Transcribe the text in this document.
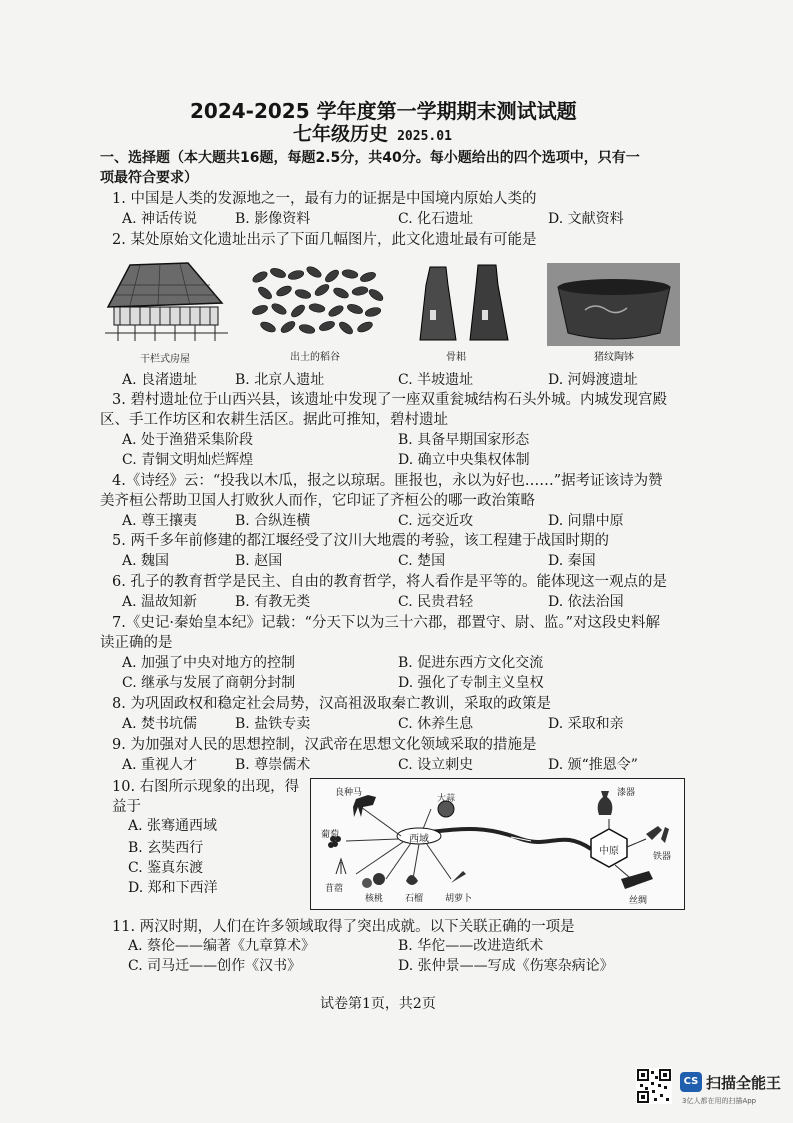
2024-2025 学年度第一学期期末测试试题
七年级历史 2025.01
一、选择题（本大题共16题，每题2.5分，共40分。每小题给出的四个选项中，只有一
项最符合要求）
1. 中国是人类的发源地之一，最有力的证据是中国境内原始人类的
A. 神话传说	B. 影像资料	C. 化石遗址	D. 文献资料
2. 某处原始文化遗址出示了下面几幅图片，此文化遗址最有可能是
干栏式房屋	出土的稻谷	骨耜	猪纹陶钵
A. 良渚遗址	B. 北京人遗址	C. 半坡遗址	D. 河姆渡遗址
3. 碧村遗址位于山西兴县，该遗址中发现了一座双重瓮城结构石头外城。内城发现宫殿
区、手工作坊区和农耕生活区。据此可推知，碧村遗址
A. 处于渔猎采集阶段	B. 具备早期国家形态
C. 青铜文明灿烂辉煌	D. 确立中央集权体制
4.《诗经》云：“投我以木瓜，报之以琼琚。匪报也，永以为好也……”据考证该诗为赞
美齐桓公帮助卫国人打败狄人而作，它印证了齐桓公的哪一政治策略
A. 尊王攘夷	B. 合纵连横	C. 远交近攻	D. 问鼎中原
5. 两千多年前修建的都江堰经受了汶川大地震的考验，该工程建于战国时期的
A. 魏国	B. 赵国	C. 楚国	D. 秦国
6. 孔子的教育哲学是民主、自由的教育哲学，将人看作是平等的。能体现这一观点的是
A. 温故知新	B. 有教无类	C. 民贵君轻	D. 依法治国
7.《史记·秦始皇本纪》记载：“分天下以为三十六郡，郡置守、尉、监。”对这段史料解
读正确的是
A. 加强了中央对地方的控制	B. 促进东西方文化交流
C. 继承与发展了商朝分封制	D. 强化了专制主义皇权
8. 为巩固政权和稳定社会局势，汉高祖汲取秦亡教训，采取的政策是
A. 焚书坑儒	B. 盐铁专卖	C. 休养生息	D. 采取和亲
9. 为加强对人民的思想控制，汉武帝在思想文化领域采取的措施是
A. 重视人才	B. 尊崇儒术	C. 设立刺史	D. 颁“推恩令”
10. 右图所示现象的出现，得
益于
A. 张骞通西域
B. 玄奘西行
C. 鉴真东渡
D. 郑和下西洋
良种马
大蒜
葡萄	西域
苜蓿
核桃 石榴 胡萝卜
漆器
中原	铁器
丝绸
11. 两汉时期，人们在许多领域取得了突出成就。以下关联正确的一项是
A. 蔡伦——编著《九章算术》	B. 华佗——改进造纸术
C. 司马迁——创作《汉书》	D. 张仲景——写成《伤寒杂病论》
试卷第1页，共2页
CS 扫描全能王
3亿人都在用的扫描App
